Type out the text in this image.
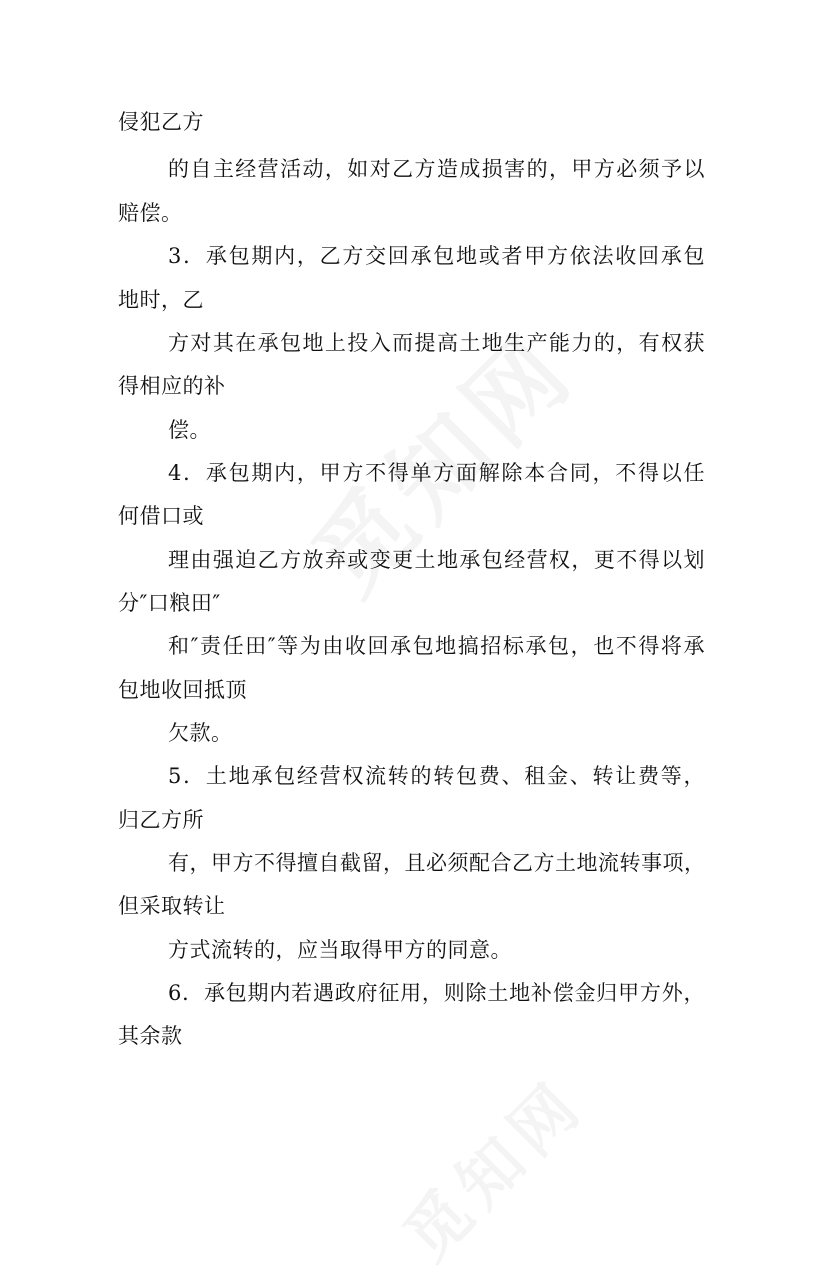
侵犯乙方
的自主经营活动，如对乙方造成损害的，甲方必须予以
赔偿。
3．承包期内，乙方交回承包地或者甲方依法收回承包
地时，乙
方对其在承包地上投入而提高土地生产能力的，有权获
得相应的补
偿。
4．承包期内，甲方不得单方面解除本合同，不得以任
何借口或
理由强迫乙方放弃或变更土地承包经营权，更不得以划
分″口粮田″
和″责任田″等为由收回承包地搞招标承包，也不得将承
包地收回抵顶
欠款。
5．土地承包经营权流转的转包费、租金、转让费等，
归乙方所
有，甲方不得擅自截留，且必须配合乙方土地流转事项，
但采取转让
方式流转的，应当取得甲方的同意。
6．承包期内若遇政府征用，则除土地补偿金归甲方外，
其余款
